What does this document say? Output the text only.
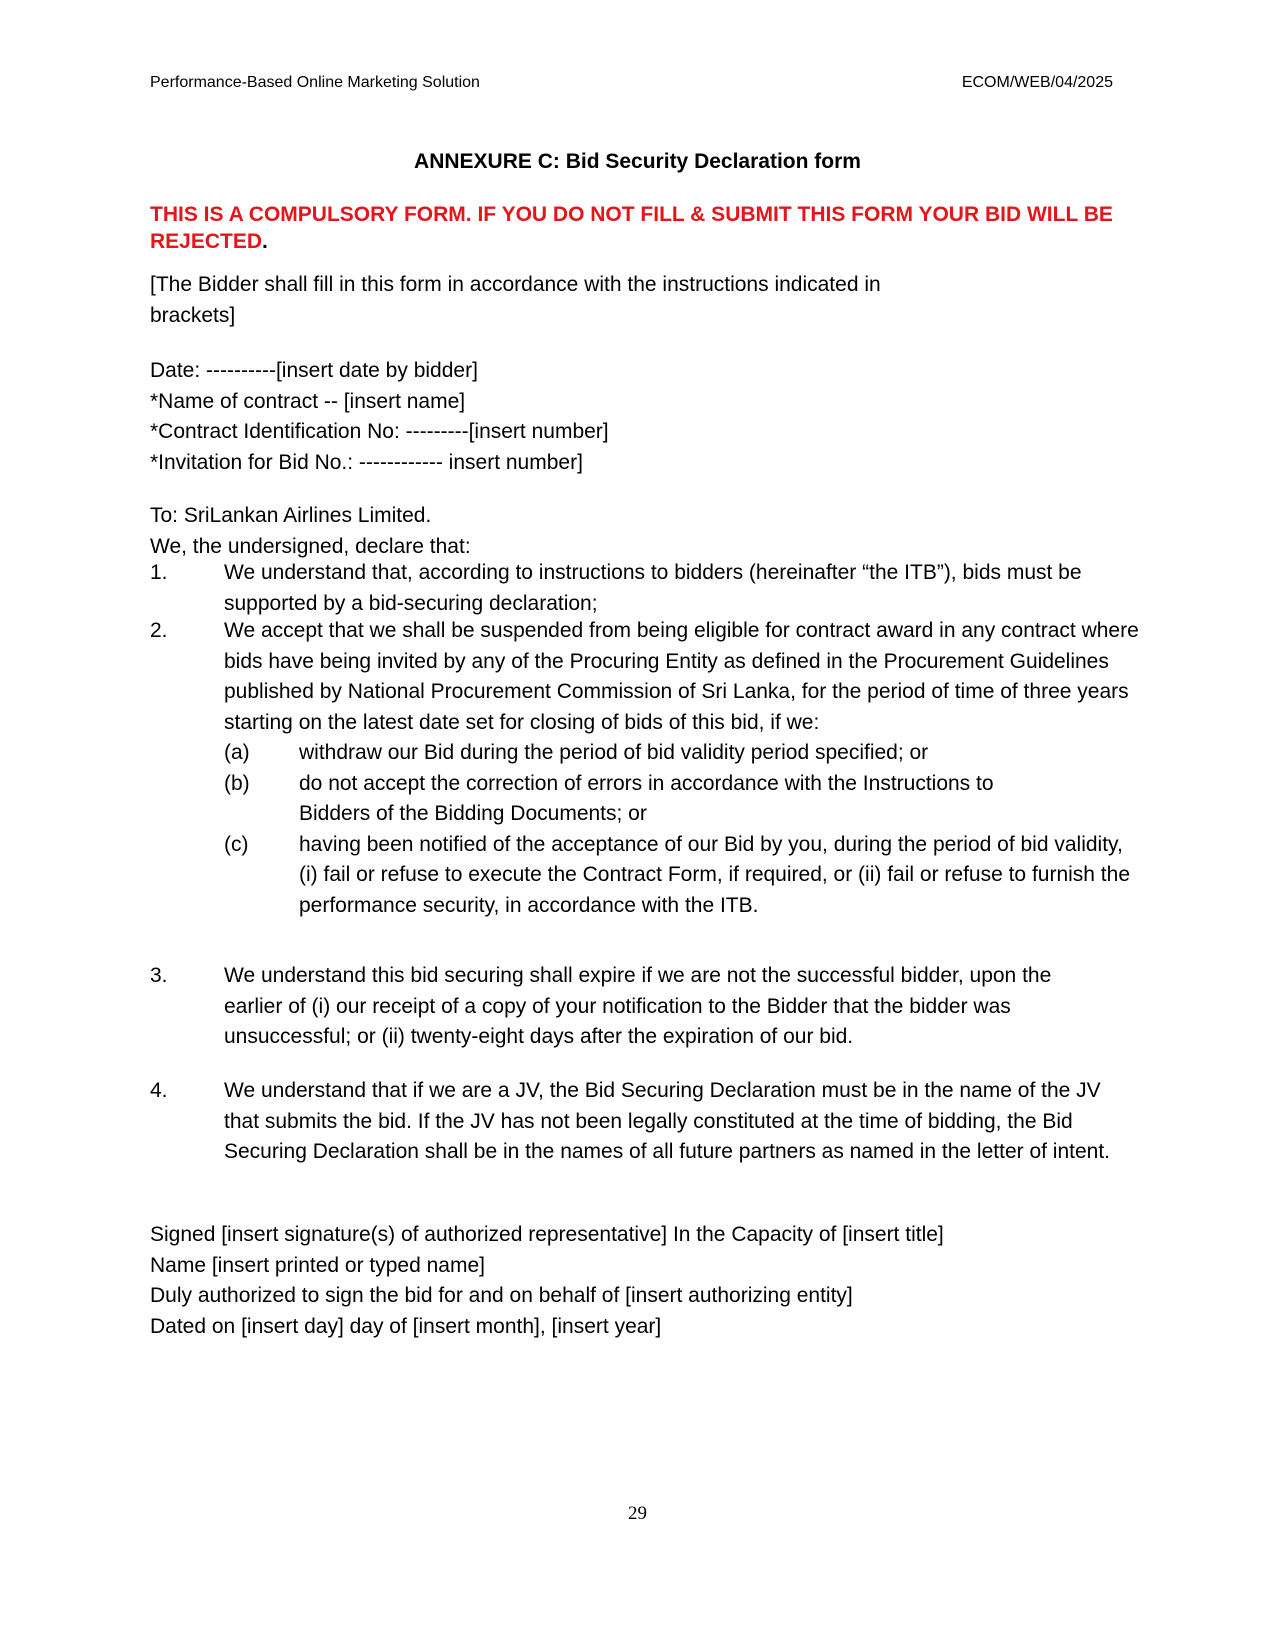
Performance-Based Online Marketing Solution	ECOM/WEB/04/2025
ANNEXURE C: Bid Security Declaration form
THIS IS A COMPULSORY FORM. IF YOU DO NOT FILL & SUBMIT THIS FORM YOUR BID WILL BE REJECTED.
[The Bidder shall fill in this form in accordance with the instructions indicated in brackets]
Date: ----------[insert date by bidder]
*Name of contract -- [insert name]
*Contract Identification No: ---------[insert number]
*Invitation for Bid No.: ------------ insert number]
To: SriLankan Airlines Limited.
We, the undersigned, declare that:
1.	We understand that, according to instructions to bidders (hereinafter “the ITB”), bids must be supported by a bid-securing declaration;
2.	We accept that we shall be suspended from being eligible for contract award in any contract where bids have being invited by any of the Procuring Entity as defined in the Procurement Guidelines published by National Procurement Commission of Sri Lanka, for the period of time of three years starting on the latest date set for closing of bids of this bid, if we:
(a) withdraw our Bid during the period of bid validity period specified; or
(b) do not accept the correction of errors in accordance with the Instructions to Bidders of the Bidding Documents; or
(c) having been notified of the acceptance of our Bid by you, during the period of bid validity, (i) fail or refuse to execute the Contract Form, if required, or (ii) fail or refuse to furnish the performance security, in accordance with the ITB.
3.	We understand this bid securing shall expire if we are not the successful bidder, upon the earlier of (i) our receipt of a copy of your notification to the Bidder that the bidder was unsuccessful; or (ii) twenty-eight days after the expiration of our bid.
4.	We understand that if we are a JV, the Bid Securing Declaration must be in the name of the JV that submits the bid. If the JV has not been legally constituted at the time of bidding, the Bid Securing Declaration shall be in the names of all future partners as named in the letter of intent.
Signed [insert signature(s) of authorized representative] In the Capacity of [insert title]
Name [insert printed or typed name]
Duly authorized to sign the bid for and on behalf of [insert authorizing entity]
Dated on [insert day] day of [insert month], [insert year]
29
